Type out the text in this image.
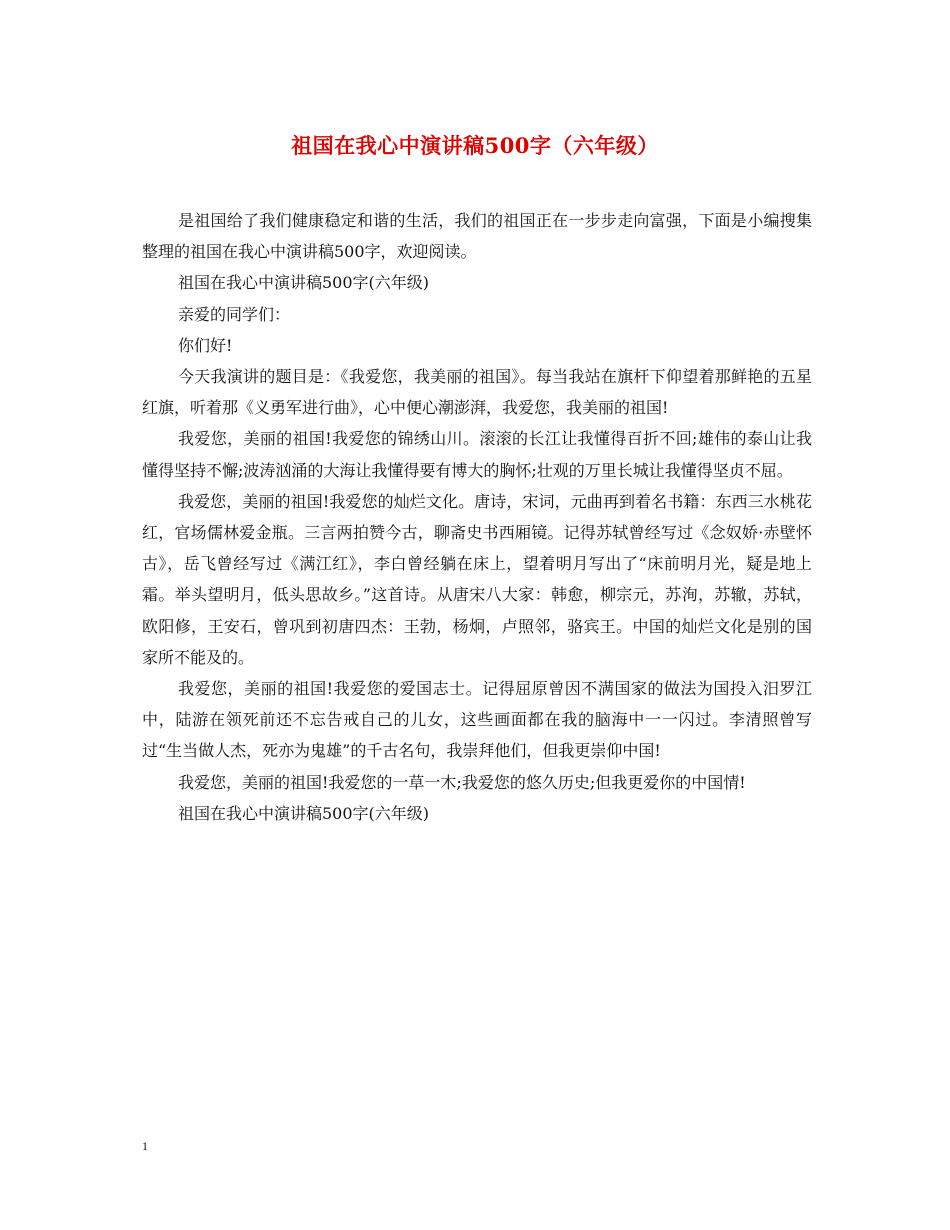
祖国在我心中演讲稿500字（六年级）

是祖国给了我们健康稳定和谐的生活，我们的祖国正在一步步走向富强，下面是小编搜集整理的祖国在我心中演讲稿500字，欢迎阅读。

祖国在我心中演讲稿500字(六年级)

亲爱的同学们：

你们好!

今天我演讲的题目是：《我爱您，我美丽的祖国》。每当我站在旗杆下仰望着那鲜艳的五星红旗，听着那《义勇军进行曲》，心中便心潮澎湃，我爱您，我美丽的祖国!

我爱您，美丽的祖国!我爱您的锦绣山川。滚滚的长江让我懂得百折不回;雄伟的泰山让我懂得坚持不懈;波涛汹涌的大海让我懂得要有博大的胸怀;壮观的万里长城让我懂得坚贞不屈。

我爱您，美丽的祖国!我爱您的灿烂文化。唐诗，宋词，元曲再到着名书籍：东西三水桃花红，官场儒林爱金瓶。三言两拍赞今古，聊斋史书西厢镜。记得苏轼曾经写过《念奴娇·赤壁怀古》，岳飞曾经写过《满江红》，李白曾经躺在床上，望着明月写出了“床前明月光，疑是地上霜。举头望明月，低头思故乡。”这首诗。从唐宋八大家：韩愈，柳宗元，苏洵，苏辙，苏轼，欧阳修，王安石，曾巩到初唐四杰：王勃，杨炯，卢照邻，骆宾王。中国的灿烂文化是别的国家所不能及的。

我爱您，美丽的祖国!我爱您的爱国志士。记得屈原曾因不满国家的做法为国投入汨罗江中，陆游在领死前还不忘告戒自己的儿女，这些画面都在我的脑海中一一闪过。李清照曾写过“生当做人杰，死亦为鬼雄”的千古名句，我崇拜他们，但我更崇仰中国!

我爱您，美丽的祖国!我爱您的一草一木;我爱您的悠久历史;但我更爱你的中国情!

祖国在我心中演讲稿500字(六年级)

1
